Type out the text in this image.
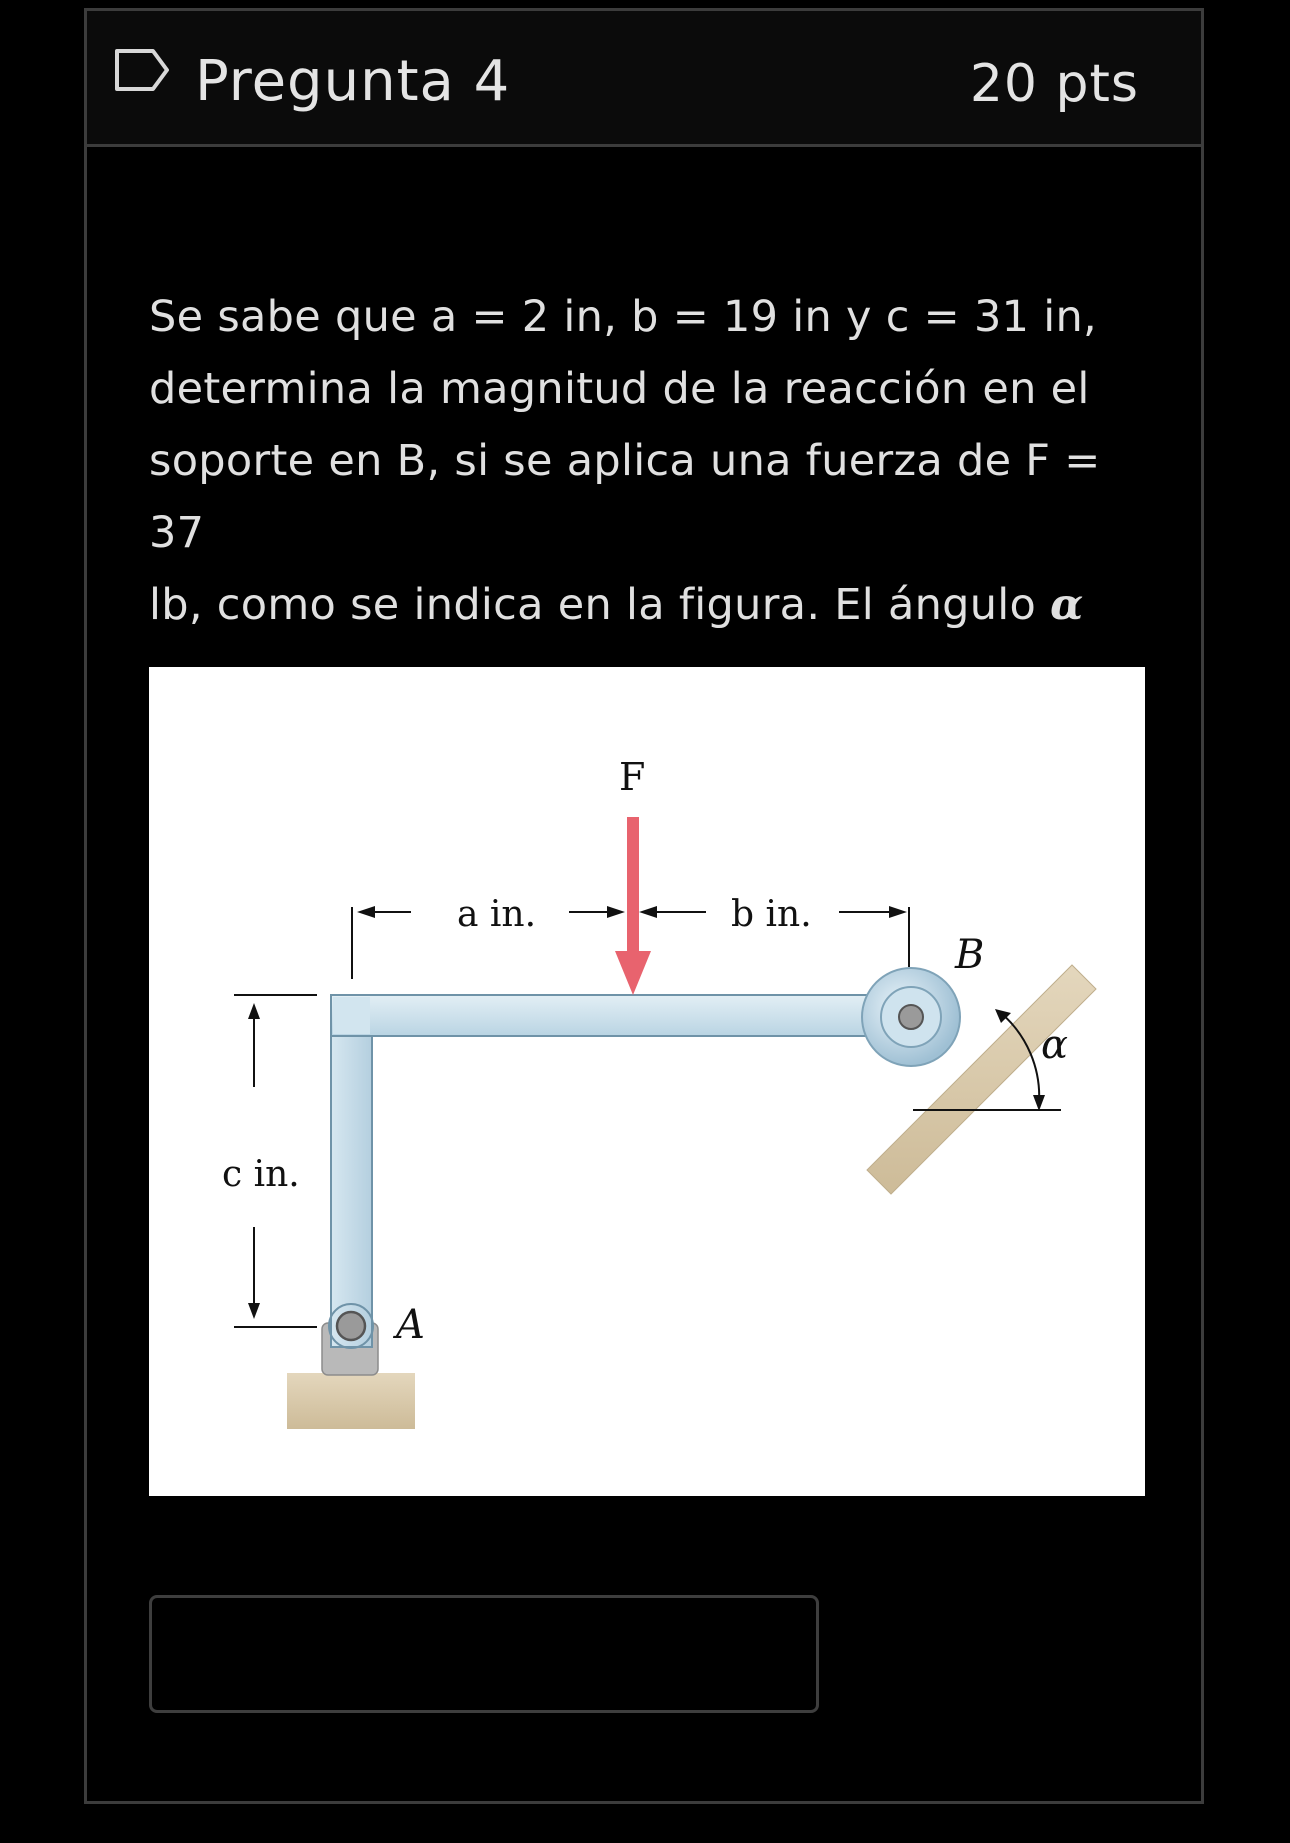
Pregunta 4	20 pts
Se sabe que a = 2 in, b = 19 in y c = 31 in,
determina la magnitud de la reacción en el
soporte en B, si se aplica una fuerza de F = 37
lb, como se indica en la figura. El ángulo α
F
a in.	b in.
c in.
A
B
α
